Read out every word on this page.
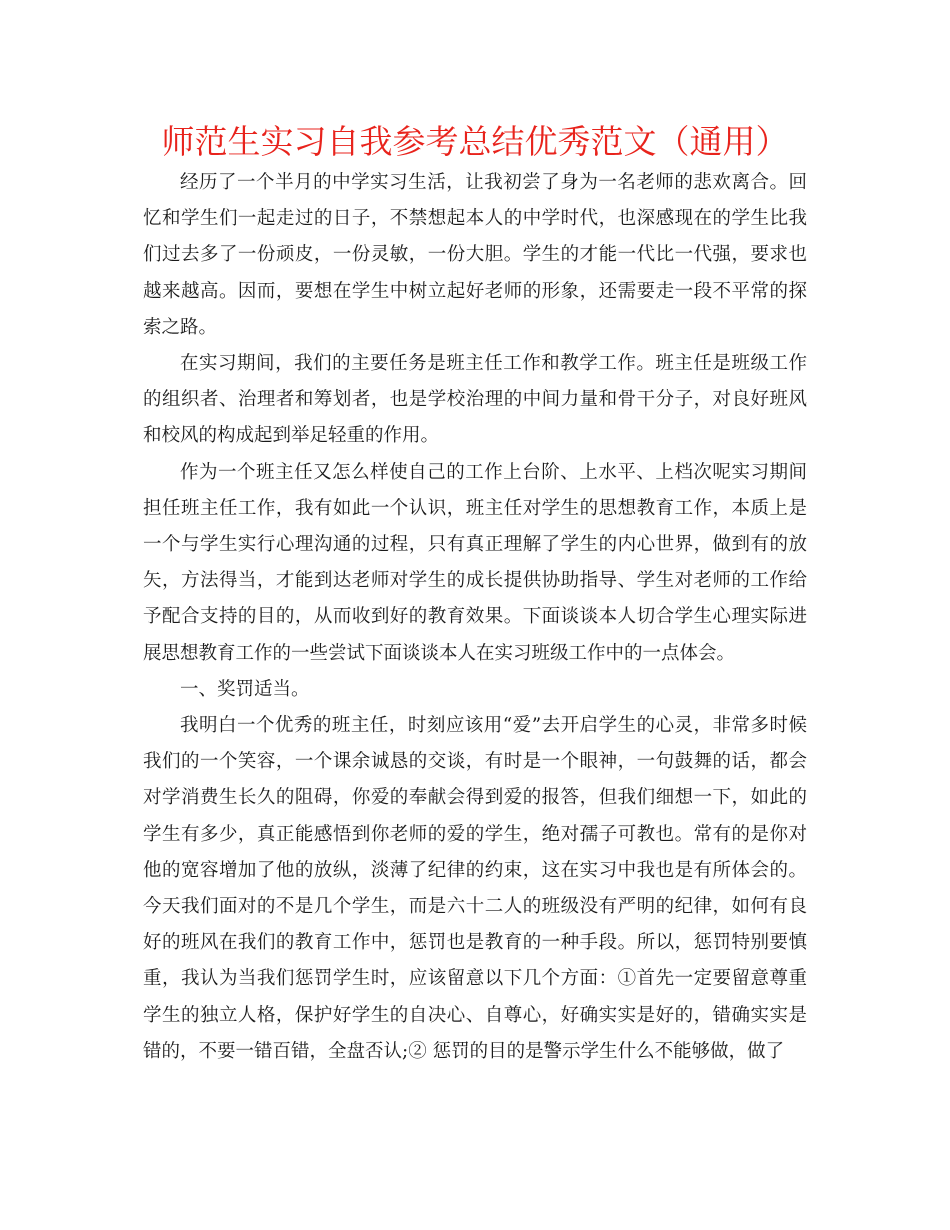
师范生实习自我参考总结优秀范文（通用）

经历了一个半月的中学实习生活，让我初尝了身为一名老师的悲欢离合。回忆和学生们一起走过的日子，不禁想起本人的中学时代，也深感现在的学生比我们过去多了一份顽皮，一份灵敏，一份大胆。学生的才能一代比一代强，要求也越来越高。因而，要想在学生中树立起好老师的形象，还需要走一段不平常的探索之路。

在实习期间，我们的主要任务是班主任工作和教学工作。班主任是班级工作的组织者、治理者和筹划者，也是学校治理的中间力量和骨干分子，对良好班风和校风的构成起到举足轻重的作用。

作为一个班主任又怎么样使自己的工作上台阶、上水平、上档次呢实习期间担任班主任工作，我有如此一个认识，班主任对学生的思想教育工作，本质上是一个与学生实行心理沟通的过程，只有真正理解了学生的内心世界，做到有的放矢，方法得当，才能到达老师对学生的成长提供协助指导、学生对老师的工作给予配合支持的目的，从而收到好的教育效果。下面谈谈本人切合学生心理实际进展思想教育工作的一些尝试下面谈谈本人在实习班级工作中的一点体会。

一、奖罚适当。

我明白一个优秀的班主任，时刻应该用“爱”去开启学生的心灵，非常多时候我们的一个笑容，一个课余诚恳的交谈，有时是一个眼神，一句鼓舞的话，都会对学消费生长久的阻碍，你爱的奉献会得到爱的报答，但我们细想一下，如此的学生有多少，真正能感悟到你老师的爱的学生，绝对孺子可教也。常有的是你对他的宽容增加了他的放纵，淡薄了纪律的约束，这在实习中我也是有所体会的。今天我们面对的不是几个学生，而是六十二人的班级没有严明的纪律，如何有良好的班风在我们的教育工作中，惩罚也是教育的一种手段。所以，惩罚特别要慎重，我认为当我们惩罚学生时，应该留意以下几个方面：①首先一定要留意尊重学生的独立人格，保护好学生的自决心、自尊心，好确实实是好的，错确实实是错的，不要一错百错，全盘否认;② 惩罚的目的是警示学生什么不能够做，做了
